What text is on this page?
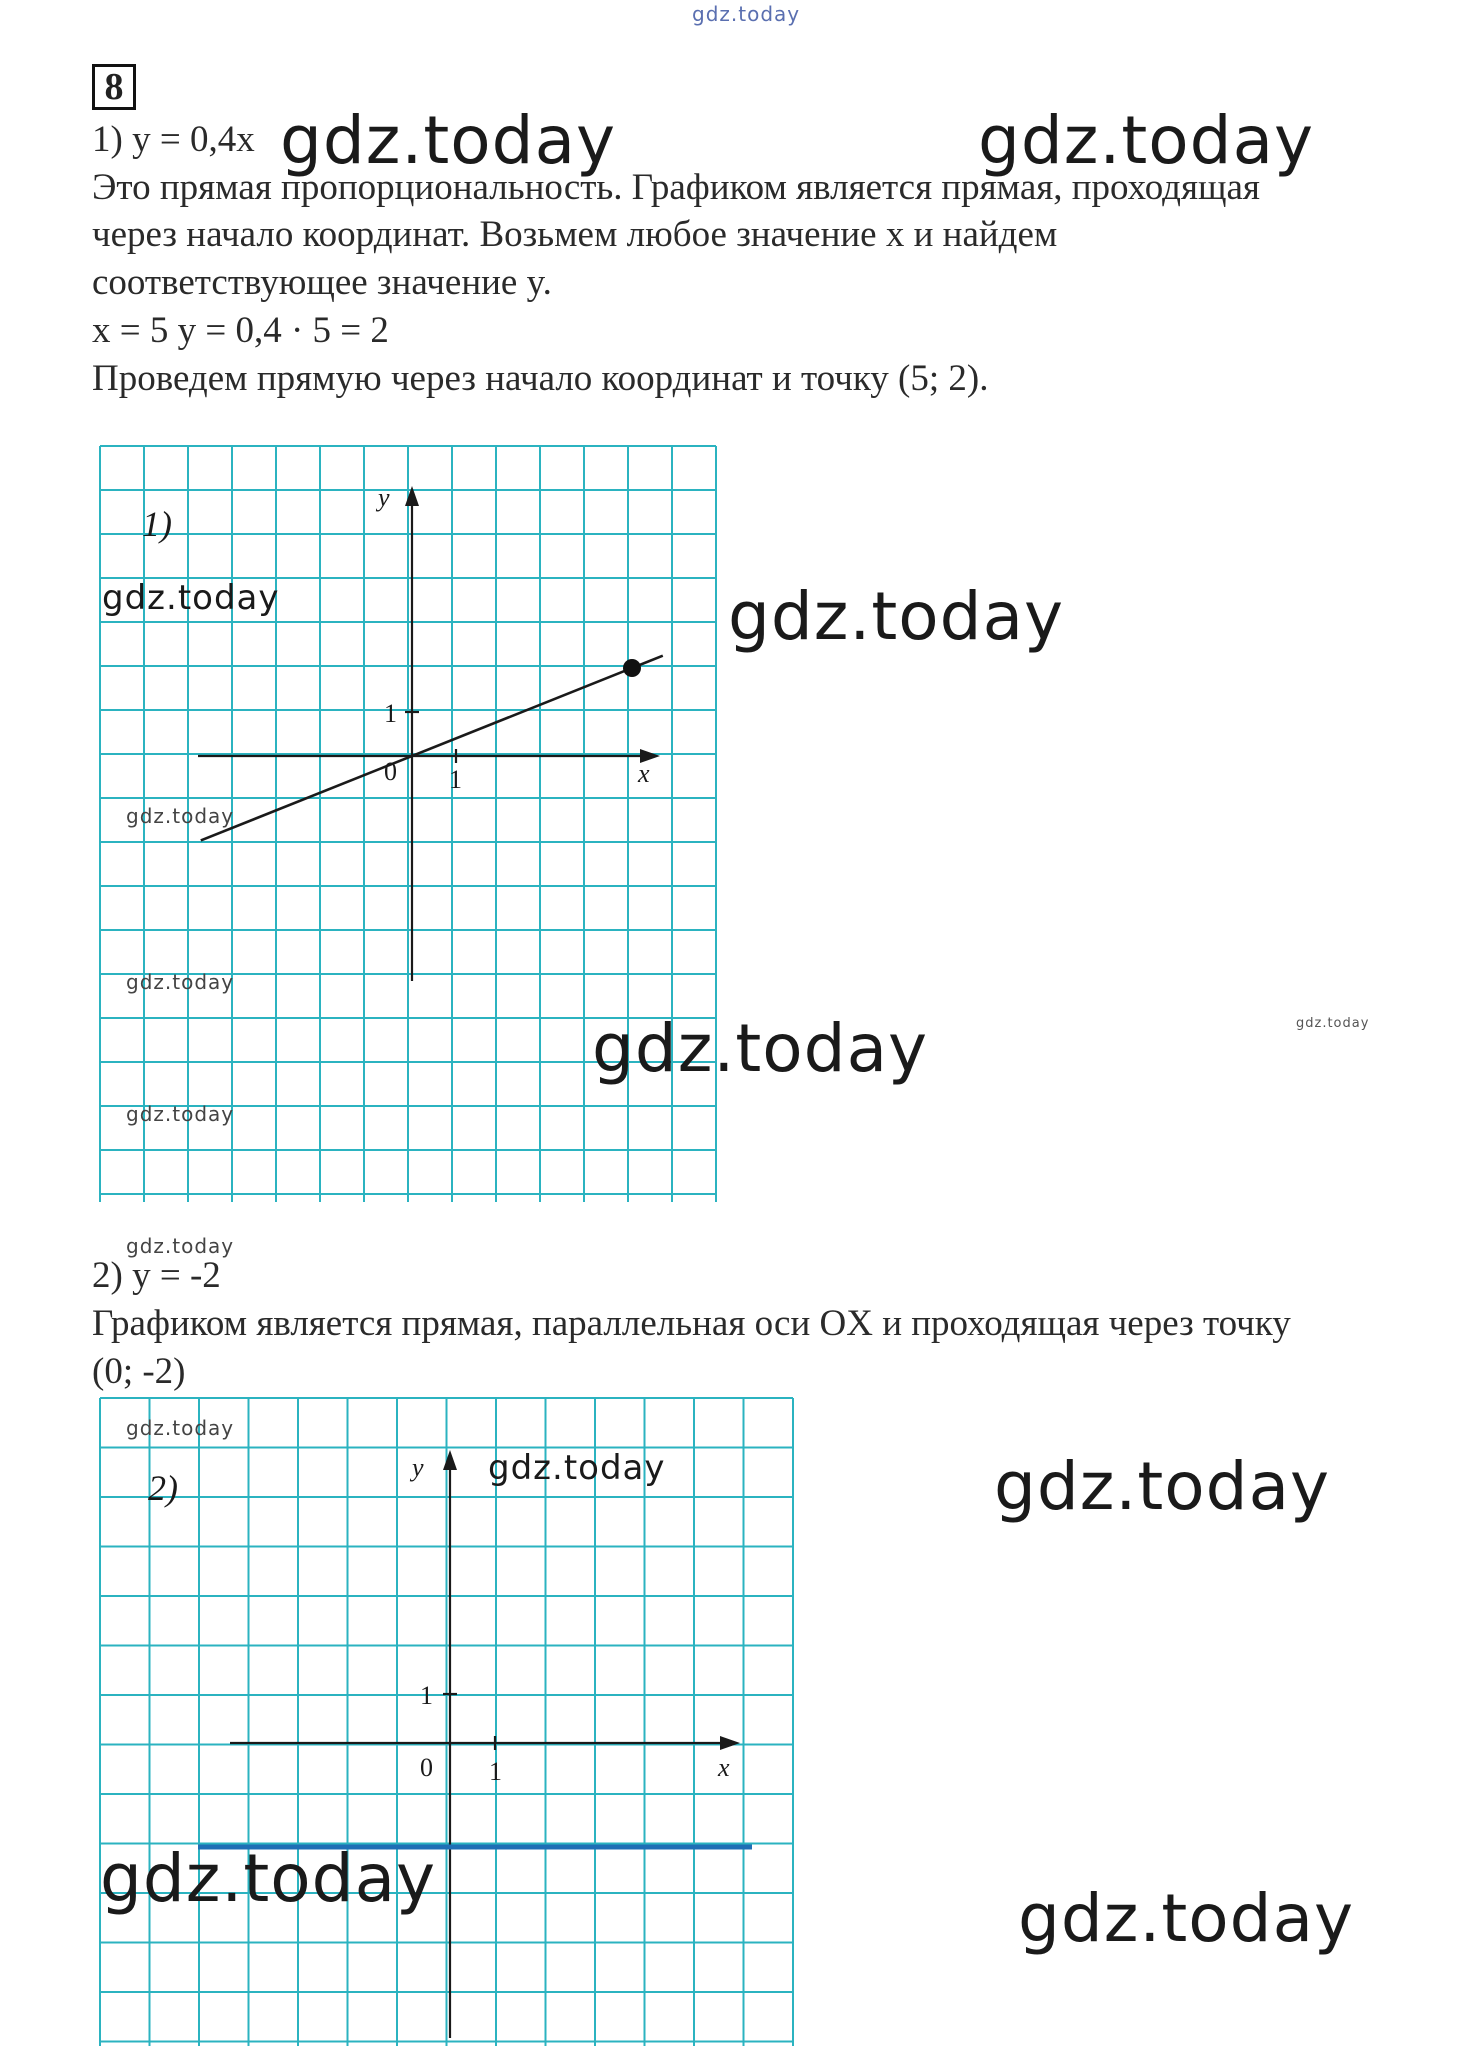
gdz.today
8
1) y = 0,4x
Это прямая пропорциональность. Графиком является прямая, проходящая
через начало координат. Возьмем любое значение x и найдем
соответствующее значение y.
x = 5 y = 0,4 · 5 = 2
Проведем прямую через начало координат и точку (5; 2).
1)
y
x
0 1
1
2) y = -2
Графиком является прямая, параллельная оси OX и проходящая через точку
(0; -2)
2)
y
x
0 1
1
gdz.today	gdz.today
gdz.today	gdz.today
gdz.today
gdz.today
gdz.today	gdz.today
gdz.today
gdz.today
gdz.today
gdz.today	gdz.today
gdz.today
gdz.today
